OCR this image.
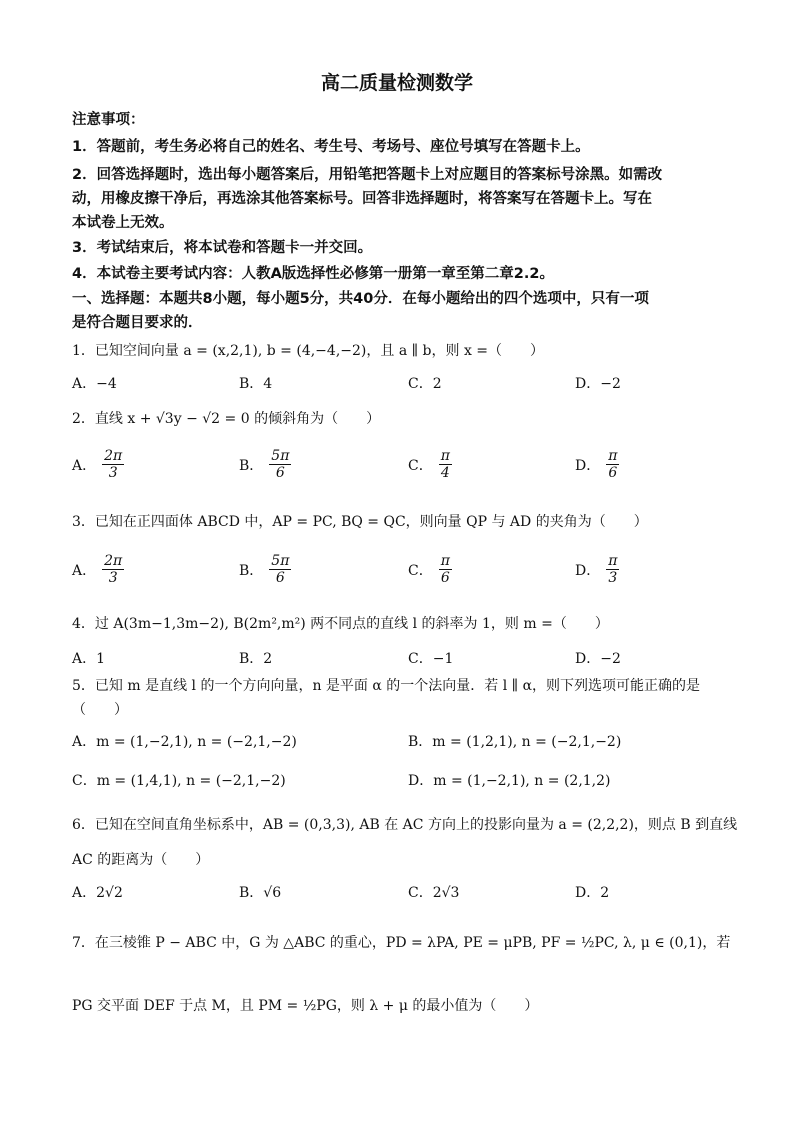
高二质量检测数学
注意事项：
1．答题前，考生务必将自己的姓名、考生号、考场号、座位号填写在答题卡上。
2．回答选择题时，选出每小题答案后，用铅笔把答题卡上对应题目的答案标号涂黑。如需改
动，用橡皮擦干净后，再选涂其他答案标号。回答非选择题时，将答案写在答题卡上。写在
本试卷上无效。
3．考试结束后，将本试卷和答题卡一并交回。
4．本试卷主要考试内容：人教A版选择性必修第一册第一章至第二章2.2。
一、选择题：本题共8小题，每小题5分，共40分．在每小题给出的四个选项中，只有一项
是符合题目要求的．
1．已知空间向量 a = (x,2,1), b = (4,−4,−2)，且 a ∥ b，则 x =（　　）
A．−4	B．4	C．2	D．−2
2．直线 x + √3y − √2 = 0 的倾斜角为（　　）
A． $\frac{2\pi}{3}$	B． $\frac{5\pi}{6}$	C． $\frac{\pi}{4}$	D． $\frac{\pi}{6}$
3．已知在正四面体 ABCD 中，AP = PC, BQ = QC，则向量 QP 与 AD 的夹角为（　　）
A． $\frac{2\pi}{3}$	B． $\frac{5\pi}{6}$	C． $\frac{\pi}{6}$	D． $\frac{\pi}{3}$
4．过 A(3m−1,3m−2), B(2m²,m²) 两不同点的直线 l 的斜率为 1，则 m =（　　）
A．1	B．2	C．−1	D．−2
5．已知 m 是直线 l 的一个方向向量，n 是平面 α 的一个法向量．若 l ∥ α，则下列选项可能正确的是
（　　）
A．m = (1,−2,1), n = (−2,1,−2)	B．m = (1,2,1), n = (−2,1,−2)
C．m = (1,4,1), n = (−2,1,−2)	D．m = (1,−2,1), n = (2,1,2)
6．已知在空间直角坐标系中，AB = (0,3,3), AB 在 AC 方向上的投影向量为 a = (2,2,2)，则点 B 到直线
AC 的距离为（　　）
A．2√2	B．√6	C．2√3	D．2
7．在三棱锥 P − ABC 中，G 为 △ABC 的重心，PD = λPA, PE = μPB, PF = ½PC, λ, μ ∈ (0,1)，若
PG 交平面 DEF 于点 M，且 PM = ½PG，则 λ + μ 的最小值为（　　）
